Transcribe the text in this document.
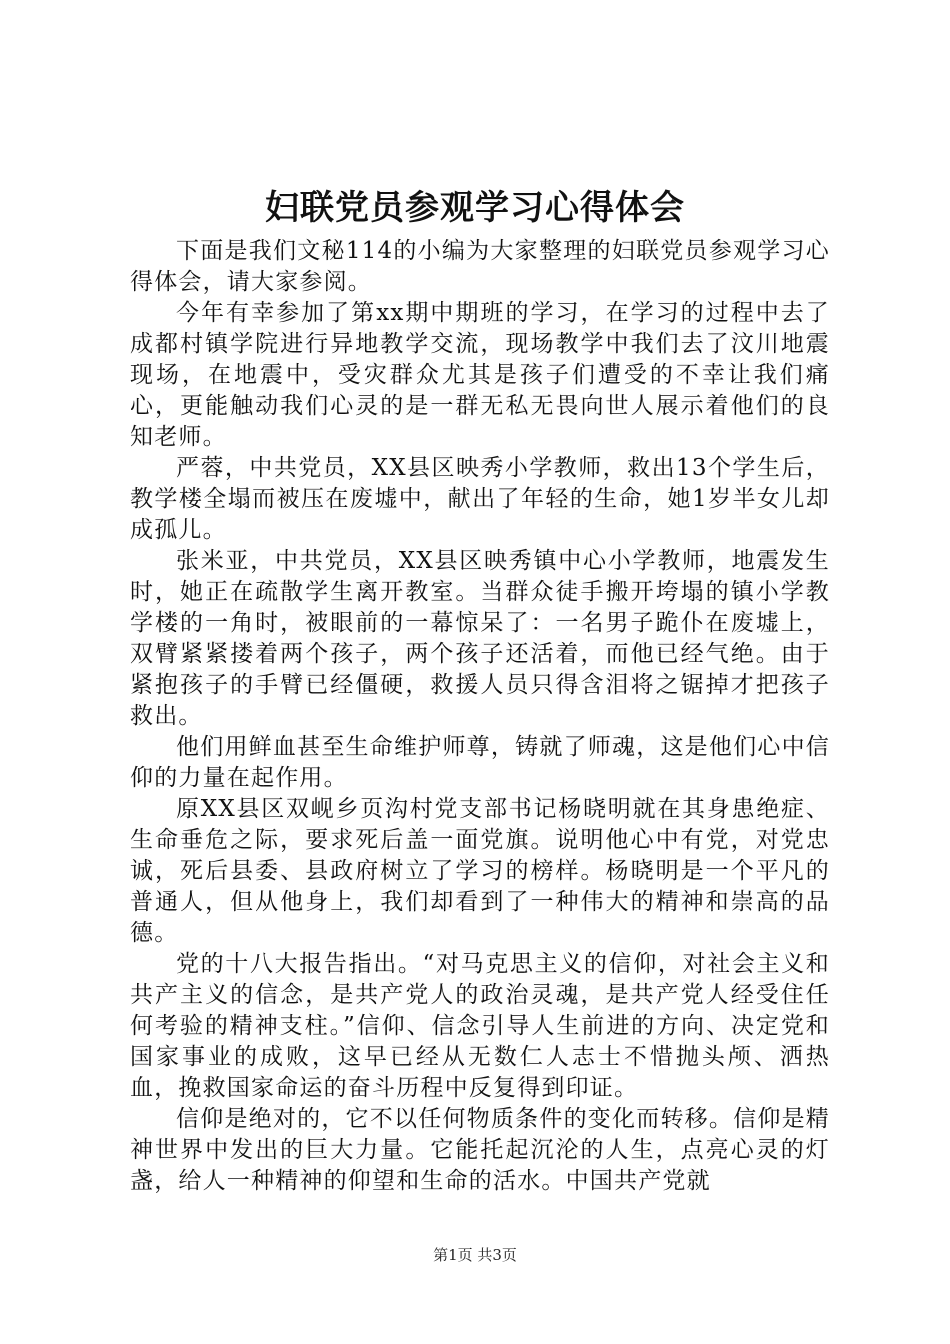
妇联党员参观学习心得体会

下面是我们文秘114的小编为大家整理的妇联党员参观学习心得体会，请大家参阅。

今年有幸参加了第xx期中期班的学习，在学习的过程中去了成都村镇学院进行异地教学交流，现场教学中我们去了汶川地震现场，在地震中，受灾群众尤其是孩子们遭受的不幸让我们痛心，更能触动我们心灵的是一群无私无畏向世人展示着他们的良知老师。

严蓉，中共党员，XX县区映秀小学教师，救出13个学生后，教学楼全塌而被压在废墟中，献出了年轻的生命，她1岁半女儿却成孤儿。

张米亚，中共党员，XX县区映秀镇中心小学教师，地震发生时，她正在疏散学生离开教室。当群众徒手搬开垮塌的镇小学教学楼的一角时，被眼前的一幕惊呆了：一名男子跪仆在废墟上，双臂紧紧搂着两个孩子，两个孩子还活着，而他已经气绝。由于紧抱孩子的手臂已经僵硬，救援人员只得含泪将之锯掉才把孩子救出。

他们用鲜血甚至生命维护师尊，铸就了师魂，这是他们心中信仰的力量在起作用。

原XX县区双岘乡页沟村党支部书记杨晓明就在其身患绝症、生命垂危之际，要求死后盖一面党旗。说明他心中有党，对党忠诚，死后县委、县政府树立了学习的榜样。杨晓明是一个平凡的普通人，但从他身上，我们却看到了一种伟大的精神和崇高的品德。

党的十八大报告指出。“对马克思主义的信仰，对社会主义和共产主义的信念，是共产党人的政治灵魂，是共产党人经受住任何考验的精神支柱。”信仰、信念引导人生前进的方向、决定党和国家事业的成败，这早已经从无数仁人志士不惜抛头颅、洒热血，挽救国家命运的奋斗历程中反复得到印证。

信仰是绝对的，它不以任何物质条件的变化而转移。信仰是精神世界中发出的巨大力量。它能托起沉沦的人生，点亮心灵的灯盏，给人一种精神的仰望和生命的活水。中国共产党就

第1页 共3页
